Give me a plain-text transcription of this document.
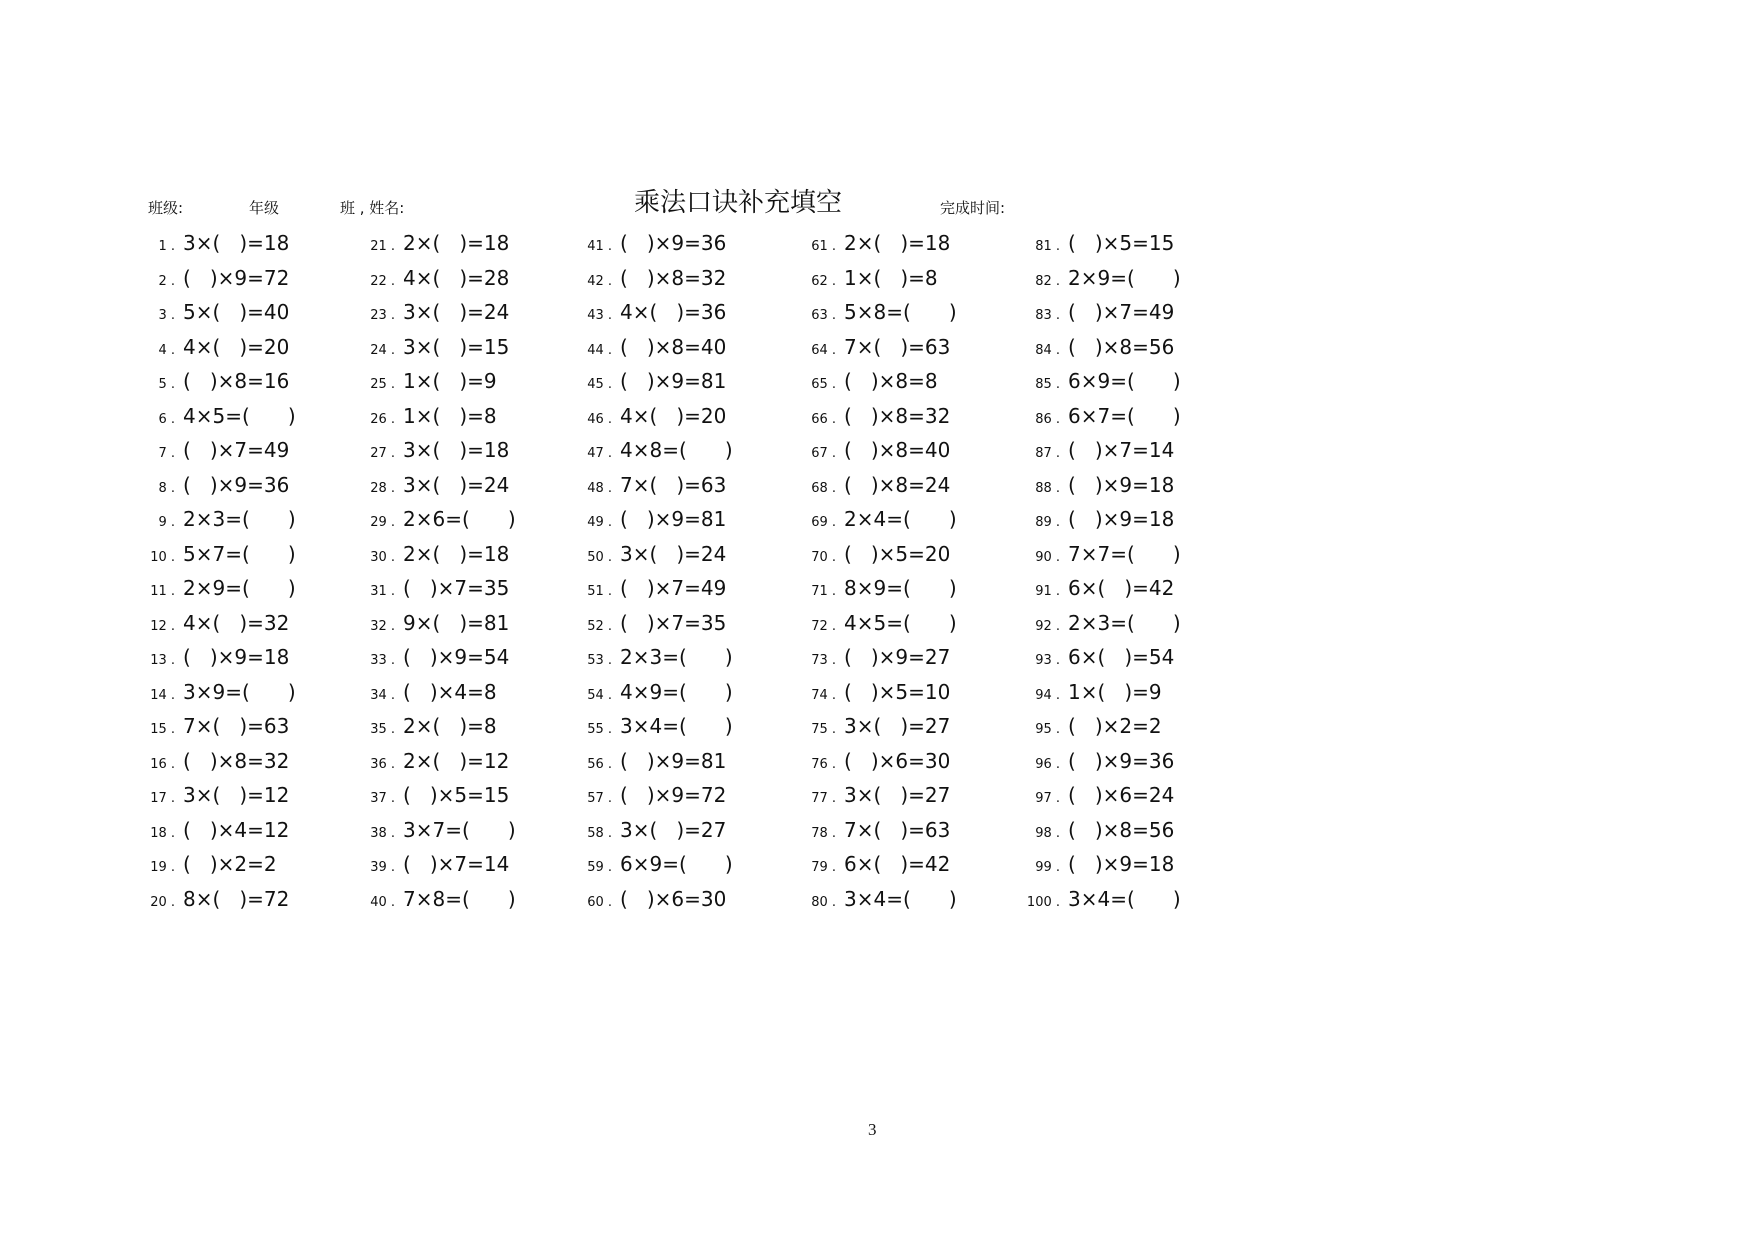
班级:	年级	班 , 姓名:	乘法口诀补充填空	完成时间:
1 . 3×(   )=18
2 . (   )×9=72
3 . 5×(   )=40
4 . 4×(   )=20
5 . (   )×8=16
6 . 4×5=(      )
7 . (   )×7=49
8 . (   )×9=36
9 . 2×3=(      )
10 . 5×7=(      )
11 . 2×9=(      )
12 . 4×(   )=32
13 . (   )×9=18
14 . 3×9=(      )
15 . 7×(   )=63
16 . (   )×8=32
17 . 3×(   )=12
18 . (   )×4=12
19 . (   )×2=2
20 . 8×(   )=72
21 . 2×(   )=18
22 . 4×(   )=28
23 . 3×(   )=24
24 . 3×(   )=15
25 . 1×(   )=9
26 . 1×(   )=8
27 . 3×(   )=18
28 . 3×(   )=24
29 . 2×6=(      )
30 . 2×(   )=18
31 . (   )×7=35
32 . 9×(   )=81
33 . (   )×9=54
34 . (   )×4=8
35 . 2×(   )=8
36 . 2×(   )=12
37 . (   )×5=15
38 . 3×7=(      )
39 . (   )×7=14
40 . 7×8=(      )
41 . (   )×9=36
42 . (   )×8=32
43 . 4×(   )=36
44 . (   )×8=40
45 . (   )×9=81
46 . 4×(   )=20
47 . 4×8=(      )
48 . 7×(   )=63
49 . (   )×9=81
50 . 3×(   )=24
51 . (   )×7=49
52 . (   )×7=35
53 . 2×3=(      )
54 . 4×9=(      )
55 . 3×4=(      )
56 . (   )×9=81
57 . (   )×9=72
58 . 3×(   )=27
59 . 6×9=(      )
60 . (   )×6=30
61 . 2×(   )=18
62 . 1×(   )=8
63 . 5×8=(      )
64 . 7×(   )=63
65 . (   )×8=8
66 . (   )×8=32
67 . (   )×8=40
68 . (   )×8=24
69 . 2×4=(      )
70 . (   )×5=20
71 . 8×9=(      )
72 . 4×5=(      )
73 . (   )×9=27
74 . (   )×5=10
75 . 3×(   )=27
76 . (   )×6=30
77 . 3×(   )=27
78 . 7×(   )=63
79 . 6×(   )=42
80 . 3×4=(      )
81 . (   )×5=15
82 . 2×9=(      )
83 . (   )×7=49
84 . (   )×8=56
85 . 6×9=(      )
86 . 6×7=(      )
87 . (   )×7=14
88 . (   )×9=18
89 . (   )×9=18
90 . 7×7=(      )
91 . 6×(   )=42
92 . 2×3=(      )
93 . 6×(   )=54
94 . 1×(   )=9
95 . (   )×2=2
96 . (   )×9=36
97 . (   )×6=24
98 . (   )×8=56
99 . (   )×9=18
100 . 3×4=(      )
3
